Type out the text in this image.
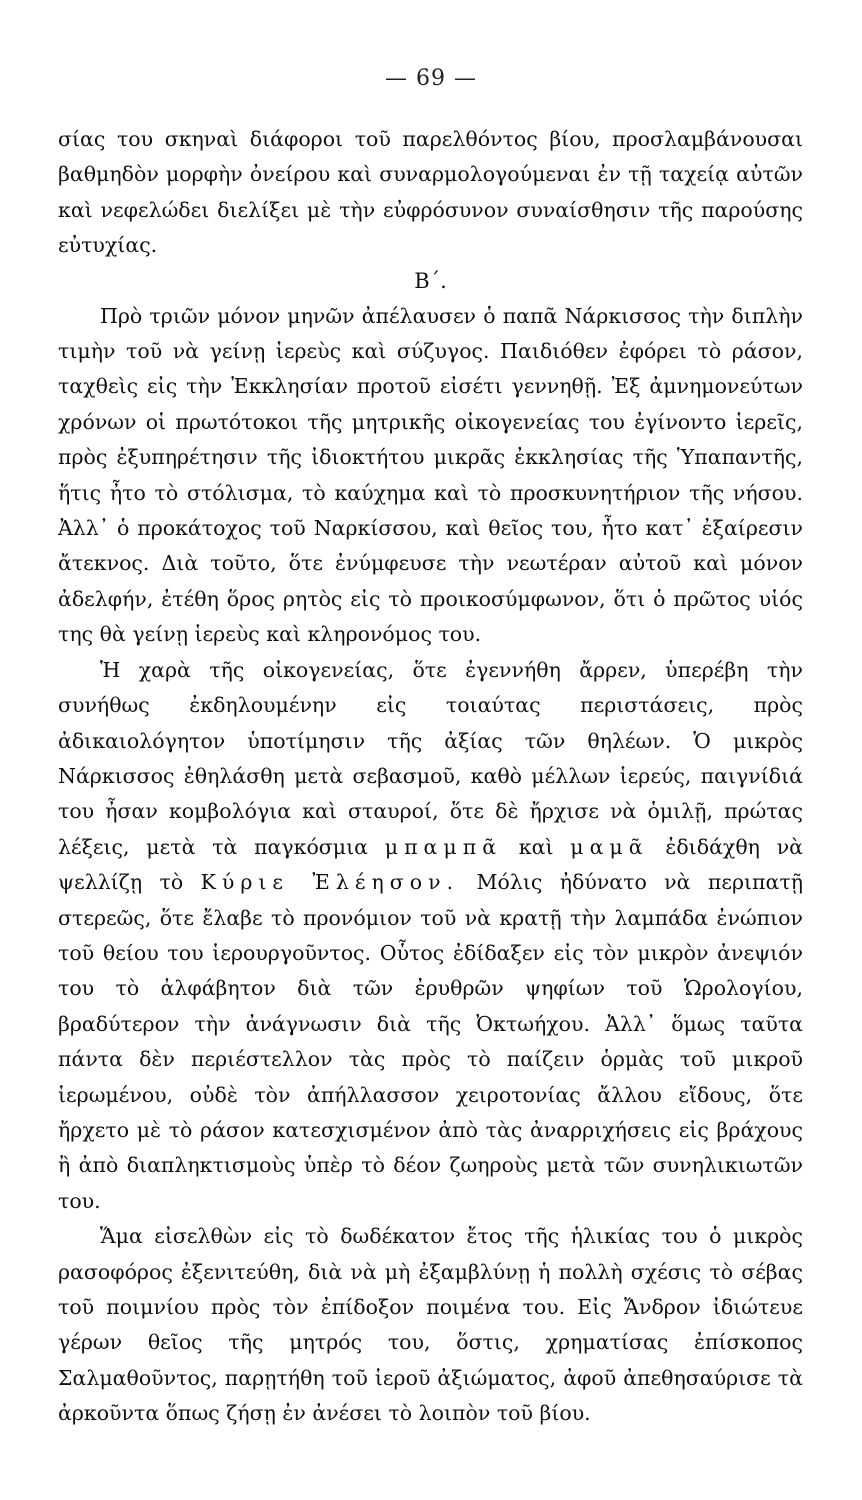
— 69 —

σίας του σκηναὶ διάφοροι τοῦ παρελθόντος βίου, προσλαμβάνουσαι βαθμηδὸν μορφὴν ὀνείρου καὶ συναρμολογούμεναι ἐν τῇ ταχείᾳ αὐτῶν καὶ νεφελώδει διελίξει μὲ τὴν εὐφρόσυνον συναίσθησιν τῆς παρούσης εὐτυχίας.

Β΄.

Πρὸ τριῶν μόνον μηνῶν ἀπέλαυσεν ὁ παπᾶ Νάρκισσος τὴν διπλὴν τιμὴν τοῦ νὰ γείνῃ ἱερεὺς καὶ σύζυγος. Παιδιόθεν ἐφόρει τὸ ράσον, ταχθεὶς εἰς τὴν Ἐκκλησίαν προτοῦ εἰσέτι γεννηθῇ. Ἐξ ἀμνημονεύτων χρόνων οἱ πρωτότοκοι τῆς μητρικῆς οἰκογενείας του ἐγίνοντο ἱερεῖς, πρὸς ἐξυπηρέτησιν τῆς ἰδιοκτήτου μικρᾶς ἐκκλησίας τῆς Ὑπαπαντῆς, ἥτις ἦτο τὸ στόλισμα, τὸ καύχημα καὶ τὸ προσκυνητήριον τῆς νήσου. Ἀλλ᾽ ὁ προκάτοχος τοῦ Ναρκίσσου, καὶ θεῖος του, ἦτο κατ᾽ ἐξαίρεσιν ἄτεκνος. Διὰ τοῦτο, ὅτε ἐνύμφευσε τὴν νεωτέραν αὐτοῦ καὶ μόνον ἀδελφήν, ἐτέθη ὅρος ρητὸς εἰς τὸ προικοσύμφωνον, ὅτι ὁ πρῶτος υἱός της θὰ γείνῃ ἱερεὺς καὶ κληρονόμος του.

Ἡ χαρὰ τῆς οἰκογενείας, ὅτε ἐγεννήθη ἄρρεν, ὑπερέβη τὴν συνήθως ἐκδηλουμένην εἰς τοιαύτας περιστάσεις, πρὸς ἀδικαιολόγητον ὑποτίμησιν τῆς ἀξίας τῶν θηλέων. Ὁ μικρὸς Νάρκισσος ἐθηλάσθη μετὰ σεβασμοῦ, καθὸ μέλλων ἱερεύς, παιγνίδιά του ἦσαν κομβολόγια καὶ σταυροί, ὅτε δὲ ἤρχισε νὰ ὁμιλῇ, πρώτας λέξεις, μετὰ τὰ παγκόσμια μπαμπᾶ καὶ μαμᾶ ἐδιδάχθη νὰ ψελλίζῃ τὸ Κύριε Ἐλέησον. Μόλις ἠδύνατο νὰ περιπατῇ στερεῶς, ὅτε ἔλαβε τὸ προνόμιον τοῦ νὰ κρατῇ τὴν λαμπάδα ἐνώπιον τοῦ θείου του ἱερουργοῦντος. Οὗτος ἐδίδαξεν εἰς τὸν μικρὸν ἀνεψιόν του τὸ ἀλφάβητον διὰ τῶν ἐρυθρῶν ψηφίων τοῦ Ὡρολογίου, βραδύτερον τὴν ἀνάγνωσιν διὰ τῆς Ὀκτωήχου. Ἀλλ᾽ ὅμως ταῦτα πάντα δὲν περιέστελλον τὰς πρὸς τὸ παίζειν ὁρμὰς τοῦ μικροῦ ἱερωμένου, οὐδὲ τὸν ἀπήλλασσον χειροτονίας ἄλλου εἴδους, ὅτε ἤρχετο μὲ τὸ ράσον κατεσχισμένον ἀπὸ τὰς ἀναρριχήσεις εἰς βράχους ἢ ἀπὸ διαπληκτισμοὺς ὑπὲρ τὸ δέον ζωηροὺς μετὰ τῶν συνηλικιωτῶν του.

Ἅμα εἰσελθὼν εἰς τὸ δωδέκατον ἔτος τῆς ἡλικίας του ὁ μικρὸς ρασοφόρος ἐξενιτεύθη, διὰ νὰ μὴ ἐξαμβλύνῃ ἡ πολλὴ σχέσις τὸ σέβας τοῦ ποιμνίου πρὸς τὸν ἐπίδοξον ποιμένα του. Εἰς Ἄνδρον ἰδιώτευε γέρων θεῖος τῆς μητρός του, ὅστις, χρηματίσας ἐπίσκοπος Σαλμαθοῦντος, παρῃτήθη τοῦ ἱεροῦ ἀξιώματος, ἀφοῦ ἀπεθησαύρισε τὰ ἀρκοῦντα ὅπως ζήσῃ ἐν ἀνέσει τὸ λοιπὸν τοῦ βίου.
